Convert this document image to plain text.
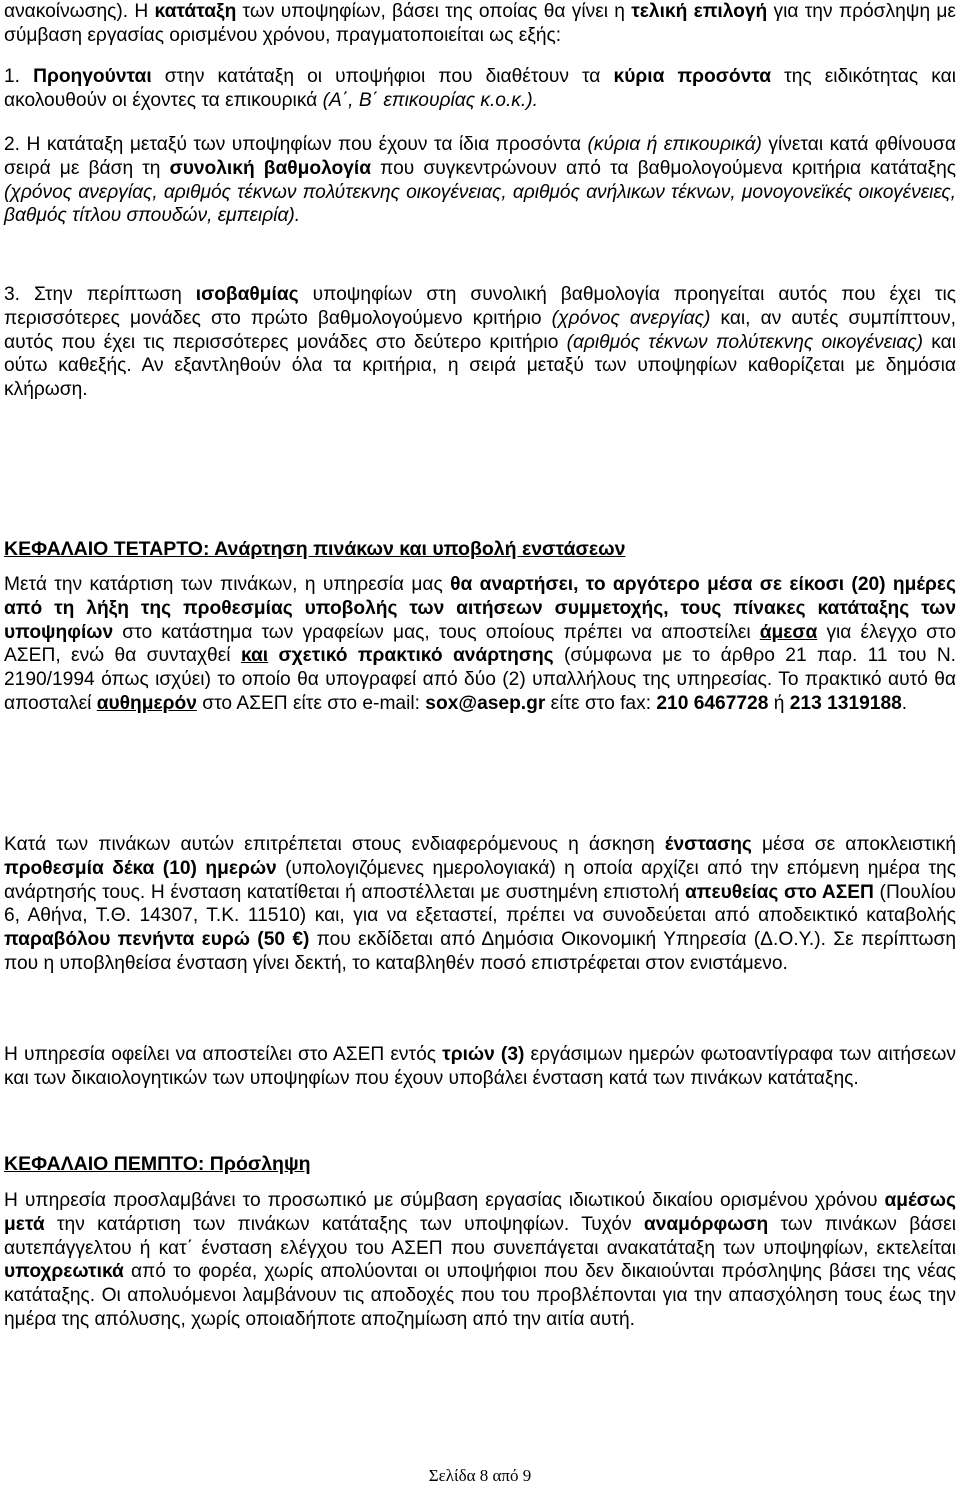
ανακοίνωσης). Η κατάταξη των υποψηφίων, βάσει της οποίας θα γίνει η τελική επιλογή για την πρόσληψη με σύμβαση εργασίας ορισμένου χρόνου, πραγματοποιείται ως εξής:

1. Προηγούνται στην κατάταξη οι υποψήφιοι που διαθέτουν τα κύρια προσόντα της ειδικότητας και ακολουθούν οι έχοντες τα επικουρικά (Α΄, Β΄ επικουρίας κ.ο.κ.).

2. Η κατάταξη μεταξύ των υποψηφίων που έχουν τα ίδια προσόντα (κύρια ή επικουρικά) γίνεται κατά φθίνουσα σειρά με βάση τη συνολική βαθμολογία που συγκεντρώνουν από τα βαθμολογούμενα κριτήρια κατάταξης (χρόνος ανεργίας, αριθμός τέκνων πολύτεκνης οικογένειας, αριθμός ανήλικων τέκνων, μονογονεϊκές οικογένειες, βαθμός τίτλου σπουδών, εμπειρία).

3. Στην περίπτωση ισοβαθμίας υποψηφίων στη συνολική βαθμολογία προηγείται αυτός που έχει τις περισσότερες μονάδες στο πρώτο βαθμολογούμενο κριτήριο (χρόνος ανεργίας) και, αν αυτές συμπίπτουν, αυτός που έχει τις περισσότερες μονάδες στο δεύτερο κριτήριο (αριθμός τέκνων πολύτεκνης οικογένειας) και ούτω καθεξής. Αν εξαντληθούν όλα τα κριτήρια, η σειρά μεταξύ των υποψηφίων καθορίζεται με δημόσια κλήρωση.

ΚΕΦΑΛΑΙΟ ΤΕΤΑΡΤΟ: Ανάρτηση πινάκων και υποβολή ενστάσεων

Μετά την κατάρτιση των πινάκων, η υπηρεσία μας θα αναρτήσει, το αργότερο μέσα σε είκοσι (20) ημέρες από τη λήξη της προθεσμίας υποβολής των αιτήσεων συμμετοχής, τους πίνακες κατάταξης των υποψηφίων στο κατάστημα των γραφείων μας, τους οποίους πρέπει να αποστείλει άμεσα για έλεγχο στο ΑΣΕΠ, ενώ θα συνταχθεί και σχετικό πρακτικό ανάρτησης (σύμφωνα με το άρθρο 21 παρ. 11 του Ν. 2190/1994 όπως ισχύει) το οποίο θα υπογραφεί από δύο (2) υπαλλήλους της υπηρεσίας. Το πρακτικό αυτό θα αποσταλεί αυθημερόν στο ΑΣΕΠ είτε στο e-mail: sox@asep.gr είτε στο fax: 210 6467728 ή 213 1319188.

Κατά των πινάκων αυτών επιτρέπεται στους ενδιαφερόμενους η άσκηση ένστασης μέσα σε αποκλειστική προθεσμία δέκα (10) ημερών (υπολογιζόμενες ημερολογιακά) η οποία αρχίζει από την επόμενη ημέρα της ανάρτησής τους. Η ένσταση κατατίθεται ή αποστέλλεται με συστημένη επιστολή απευθείας στο ΑΣΕΠ (Πουλίου 6, Αθήνα, Τ.Θ. 14307, Τ.Κ. 11510) και, για να εξεταστεί, πρέπει να συνοδεύεται από αποδεικτικό καταβολής παραβόλου πενήντα ευρώ (50 €) που εκδίδεται από Δημόσια Οικονομική Υπηρεσία (Δ.Ο.Υ.). Σε περίπτωση που η υποβληθείσα ένσταση γίνει δεκτή, το καταβληθέν ποσό επιστρέφεται στον ενιστάμενο.

Η υπηρεσία οφείλει να αποστείλει στο ΑΣΕΠ εντός τριών (3) εργάσιμων ημερών φωτοαντίγραφα των αιτήσεων και των δικαιολογητικών των υποψηφίων που έχουν υποβάλει ένσταση κατά των πινάκων κατάταξης.

ΚΕΦΑΛΑΙΟ ΠΕΜΠΤΟ: Πρόσληψη

Η υπηρεσία προσλαμβάνει το προσωπικό με σύμβαση εργασίας ιδιωτικού δικαίου ορισμένου χρόνου αμέσως μετά την κατάρτιση των πινάκων κατάταξης των υποψηφίων. Τυχόν αναμόρφωση των πινάκων βάσει αυτεπάγγελτου ή κατ΄ ένσταση ελέγχου του ΑΣΕΠ που συνεπάγεται ανακατάταξη των υποψηφίων, εκτελείται υποχρεωτικά από το φορέα, χωρίς απολύονται οι υποψήφιοι που δεν δικαιούνται πρόσληψης βάσει της νέας κατάταξης. Οι απολυόμενοι λαμβάνουν τις αποδοχές που του προβλέπονται για την απασχόληση τους έως την ημέρα της απόλυσης, χωρίς οποιαδήποτε αποζημίωση από την αιτία αυτή.

Σελίδα 8 από 9
